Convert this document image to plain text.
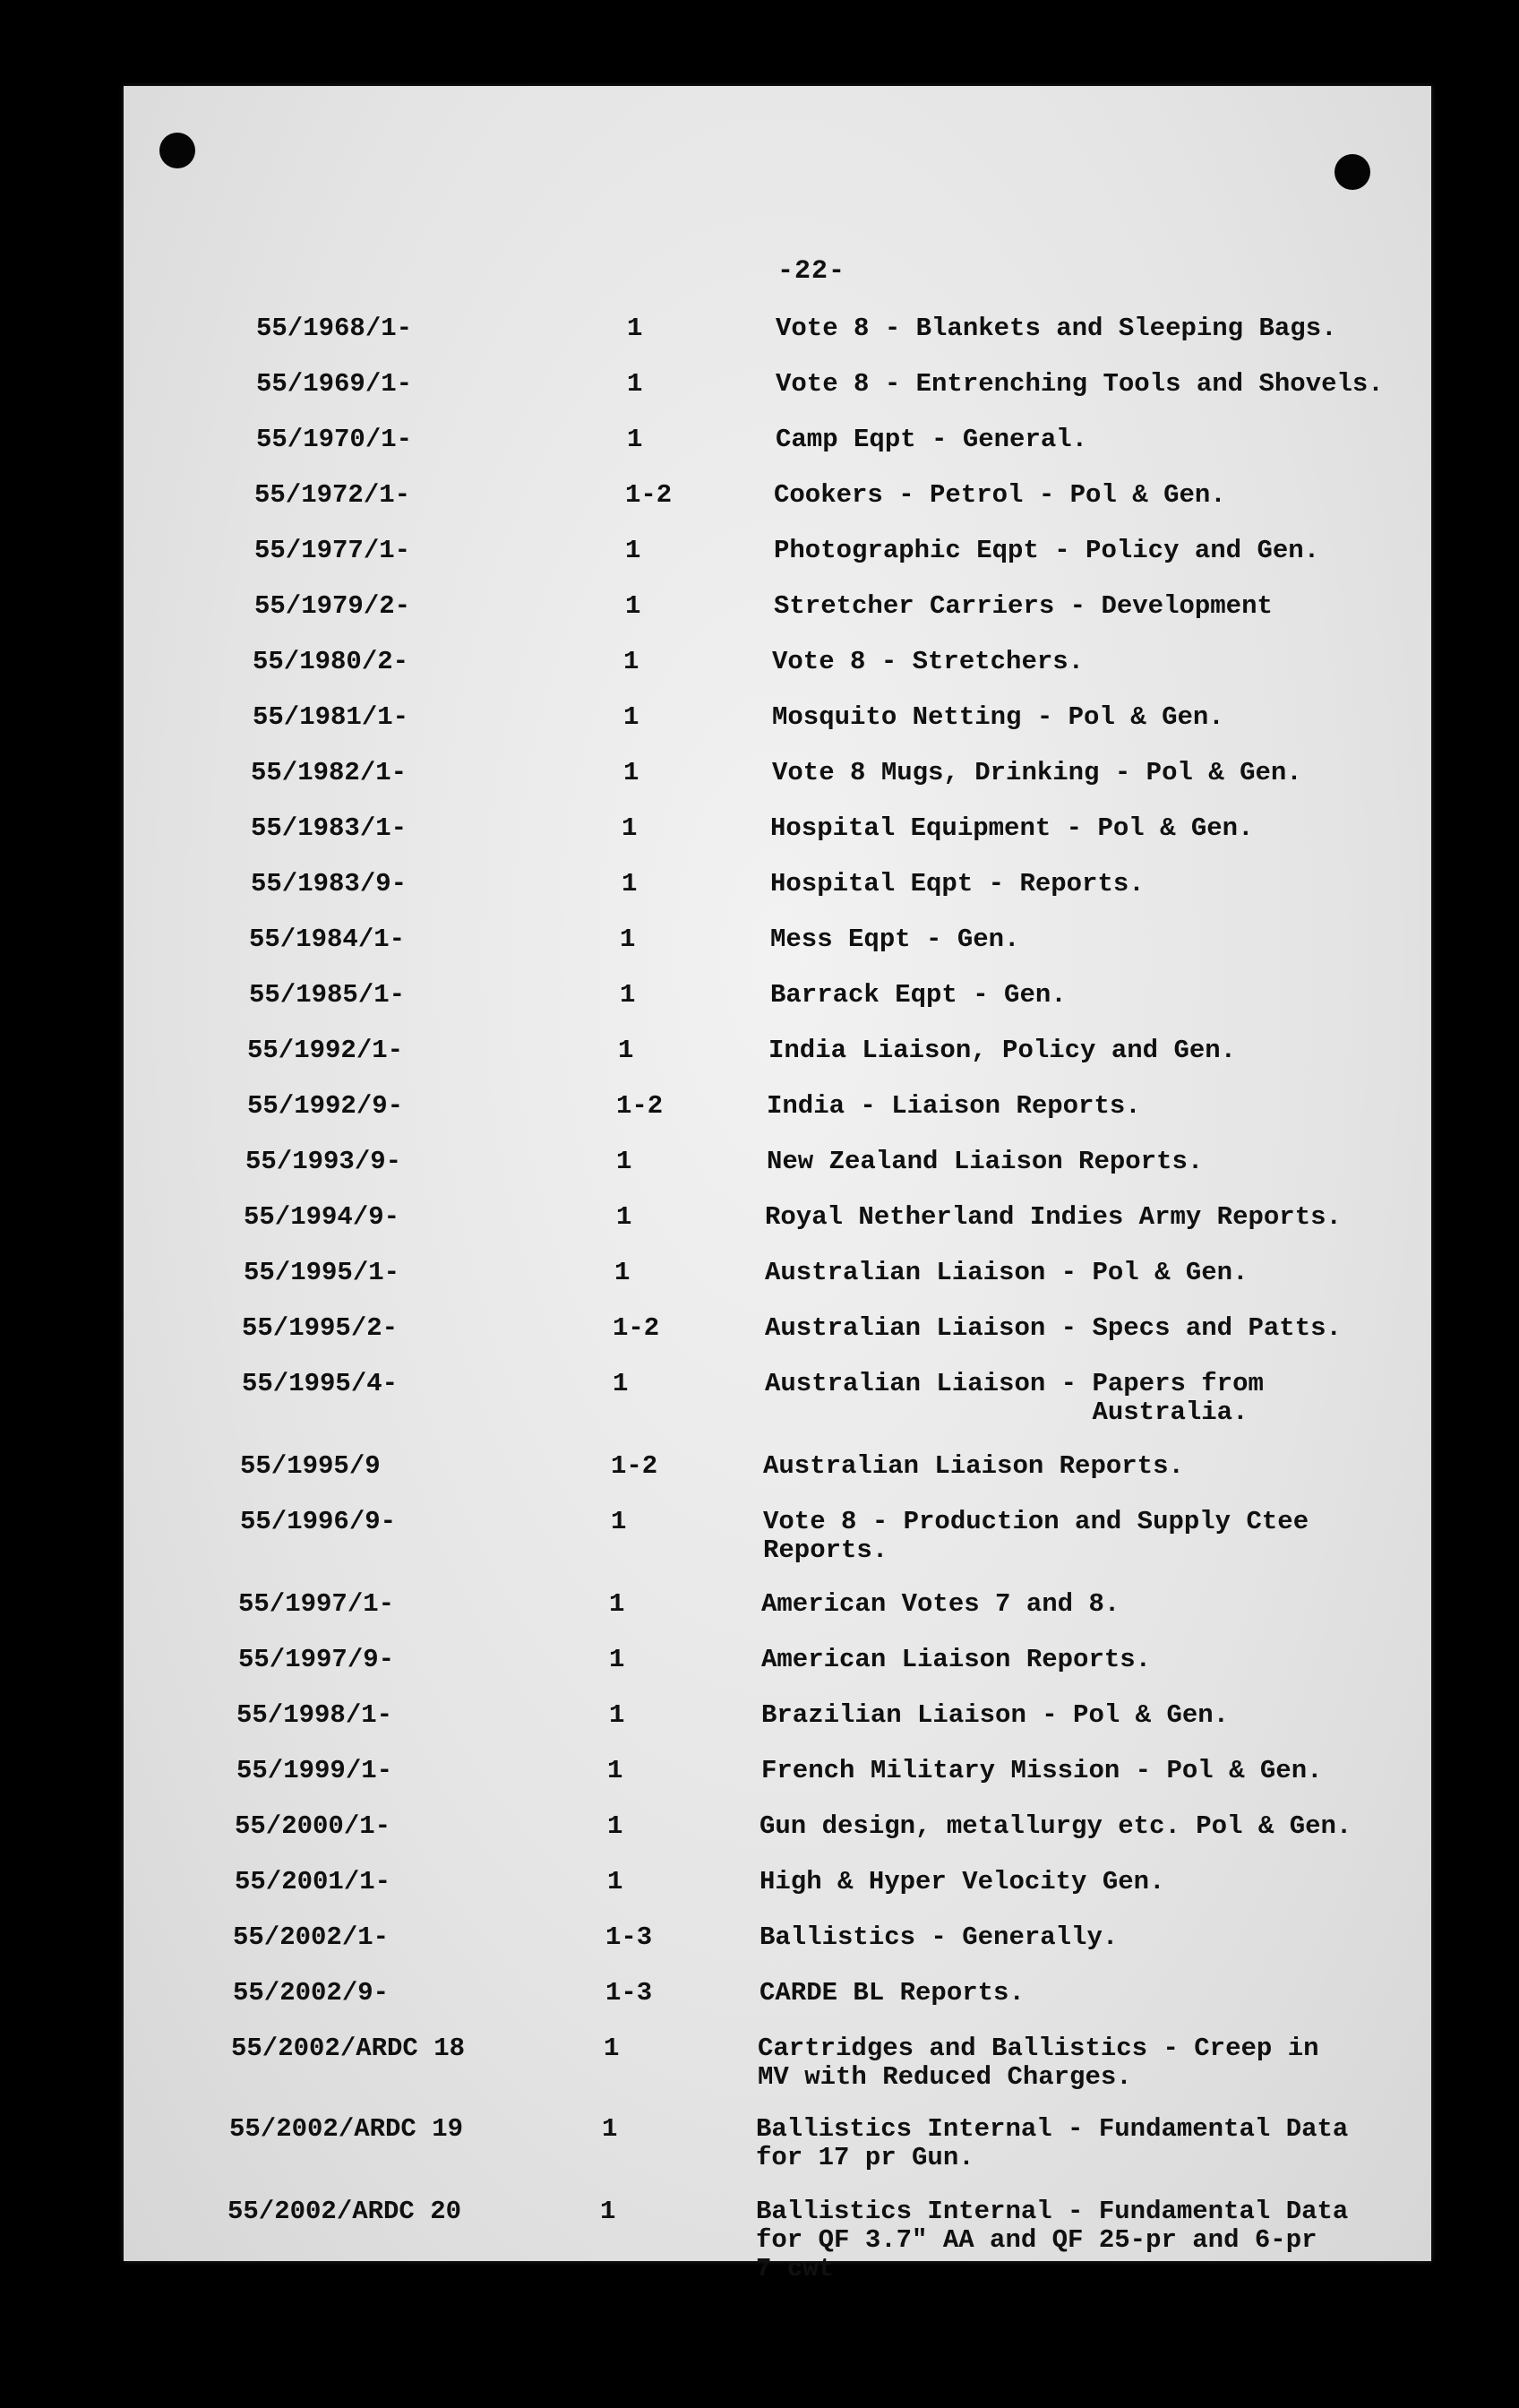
-22-
55/1968/1-	1	Vote 8 - Blankets and Sleeping Bags.
55/1969/1-	1	Vote 8 - Entrenching Tools and Shovels.
55/1970/1-	1	Camp Eqpt - General.
55/1972/1-	1-2	Cookers - Petrol - Pol & Gen.
55/1977/1-	1	Photographic Eqpt - Policy and Gen.
55/1979/2-	1	Stretcher Carriers - Development
55/1980/2-	1	Vote 8 - Stretchers.
55/1981/1-	1	Mosquito Netting - Pol & Gen.
55/1982/1-	1	Vote 8 Mugs, Drinking - Pol & Gen.
55/1983/1-	1	Hospital Equipment - Pol & Gen.
55/1983/9-	1	Hospital Eqpt - Reports.
55/1984/1-	1	Mess Eqpt - Gen.
55/1985/1-	1	Barrack Eqpt - Gen.
55/1992/1-	1	India Liaison, Policy and Gen.
55/1992/9-	1-2	India - Liaison Reports.
55/1993/9-	1	New Zealand Liaison Reports.
55/1994/9-	1	Royal Netherland Indies Army Reports.
55/1995/1-	1	Australian Liaison - Pol & Gen.
55/1995/2-	1-2	Australian Liaison - Specs and Patts.
55/1995/4-	1	Australian Liaison - Papers from
Australia.
55/1995/9	1-2	Australian Liaison Reports.
55/1996/9-	1	Vote 8 - Production and Supply Ctee
Reports.
55/1997/1-	1	American Votes 7 and 8.
55/1997/9-	1	American Liaison Reports.
55/1998/1-	1	Brazilian Liaison - Pol & Gen.
55/1999/1-	1	French Military Mission - Pol & Gen.
55/2000/1-	1	Gun design, metallurgy etc. Pol & Gen.
55/2001/1-	1	High & Hyper Velocity Gen.
55/2002/1-	1-3	Ballistics - Generally.
55/2002/9-	1-3	CARDE BL Reports.
55/2002/ARDC 18	1	Cartridges and Ballistics - Creep in
MV with Reduced Charges.
55/2002/ARDC 19	1	Ballistics Internal - Fundamental Data
for 17 pr Gun.
55/2002/ARDC 20	1	Ballistics Internal - Fundamental Data
for QF 3.7" AA and QF 25-pr and 6-pr
7 cwt
